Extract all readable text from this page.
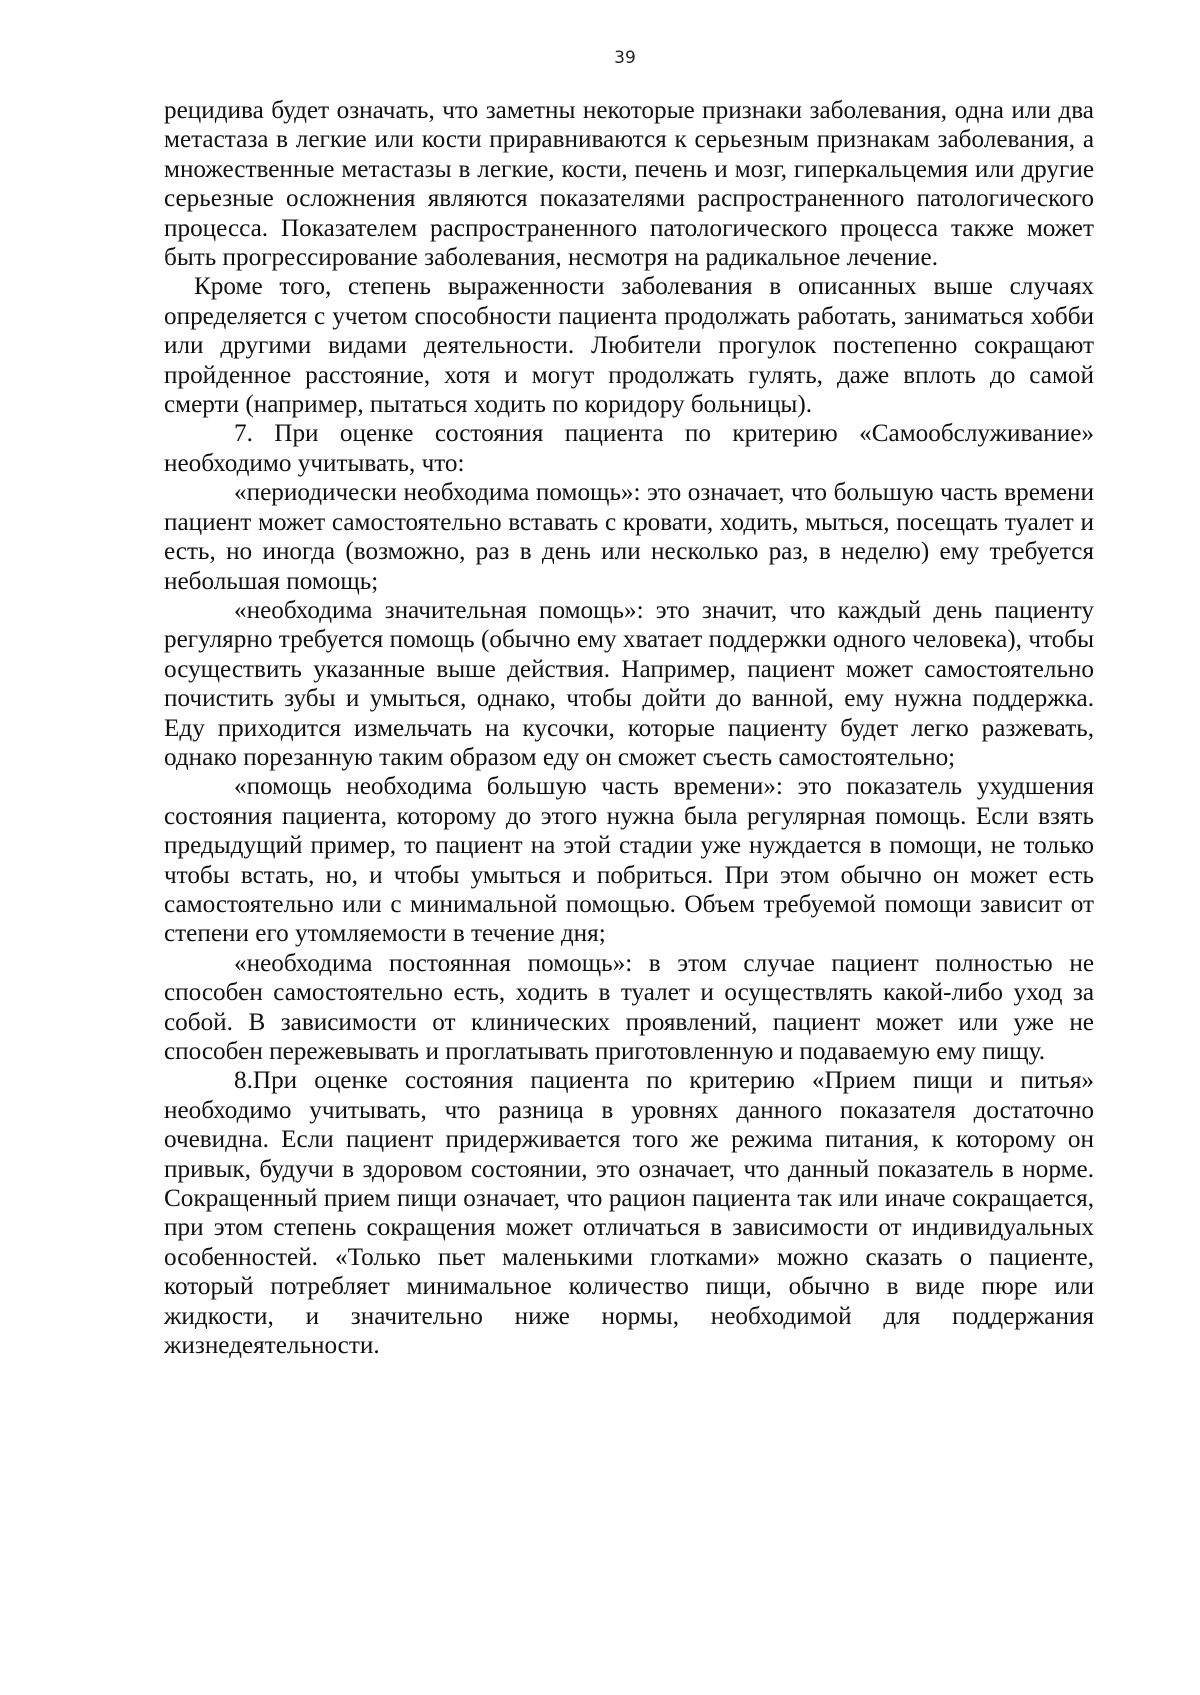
39

рецидива будет означать, что заметны некоторые признаки заболевания, одна или два метастаза в легкие или кости приравниваются к серьезным признакам заболевания, а множественные метастазы в легкие, кости, печень и мозг, гиперкальцемия или другие серьезные осложнения являются показателями распространенного патологического процесса. Показателем распространенного патологического процесса также может быть прогрессирование заболевания, несмотря на радикальное лечение.

Кроме того, степень выраженности заболевания в описанных выше случаях определяется с учетом способности пациента продолжать работать, заниматься хобби или другими видами деятельности. Любители прогулок постепенно сокращают пройденное расстояние, хотя и могут продолжать гулять, даже вплоть до самой смерти (например, пытаться ходить по коридору больницы).

7. При оценке состояния пациента по критерию «Самообслуживание» необходимо учитывать, что:

«периодически необходима помощь»: это означает, что большую часть времени пациент может самостоятельно вставать с кровати, ходить, мыться, посещать туалет и есть, но иногда (возможно, раз в день или несколько раз, в неделю) ему требуется небольшая помощь;

«необходима значительная помощь»: это значит, что каждый день пациенту регулярно требуется помощь (обычно ему хватает поддержки одного человека), чтобы осуществить указанные выше действия. Например, пациент может самостоятельно почистить зубы и умыться, однако, чтобы дойти до ванной, ему нужна поддержка. Еду приходится измельчать на кусочки, которые пациенту будет легко разжевать, однако порезанную таким образом еду он сможет съесть самостоятельно;

«помощь необходима большую часть времени»: это показатель ухудшения состояния пациента, которому до этого нужна была регулярная помощь. Если взять предыдущий пример, то пациент на этой стадии уже нуждается в помощи, не только чтобы встать, но, и чтобы умыться и побриться. При этом обычно он может есть самостоятельно или с минимальной помощью. Объем требуемой помощи зависит от степени его утомляемости в течение дня;

«необходима постоянная помощь»: в этом случае пациент полностью не способен самостоятельно есть, ходить в туалет и осуществлять какой-либо уход за собой. В зависимости от клинических проявлений, пациент может или уже не способен пережевывать и проглатывать приготовленную и подаваемую ему пищу.

8.При оценке состояния пациента по критерию «Прием пищи и питья» необходимо учитывать, что разница в уровнях данного показателя достаточно очевидна. Если пациент придерживается того же режима питания, к которому он привык, будучи в здоровом состоянии, это означает, что данный показатель в норме. Сокращенный прием пищи означает, что рацион пациента так или иначе сокращается, при этом степень сокращения может отличаться в зависимости от индивидуальных особенностей. «Только пьет маленькими глотками» можно сказать о пациенте, который потребляет минимальное количество пищи, обычно в виде пюре или жидкости, и значительно ниже нормы, необходимой для поддержания жизнедеятельности.
